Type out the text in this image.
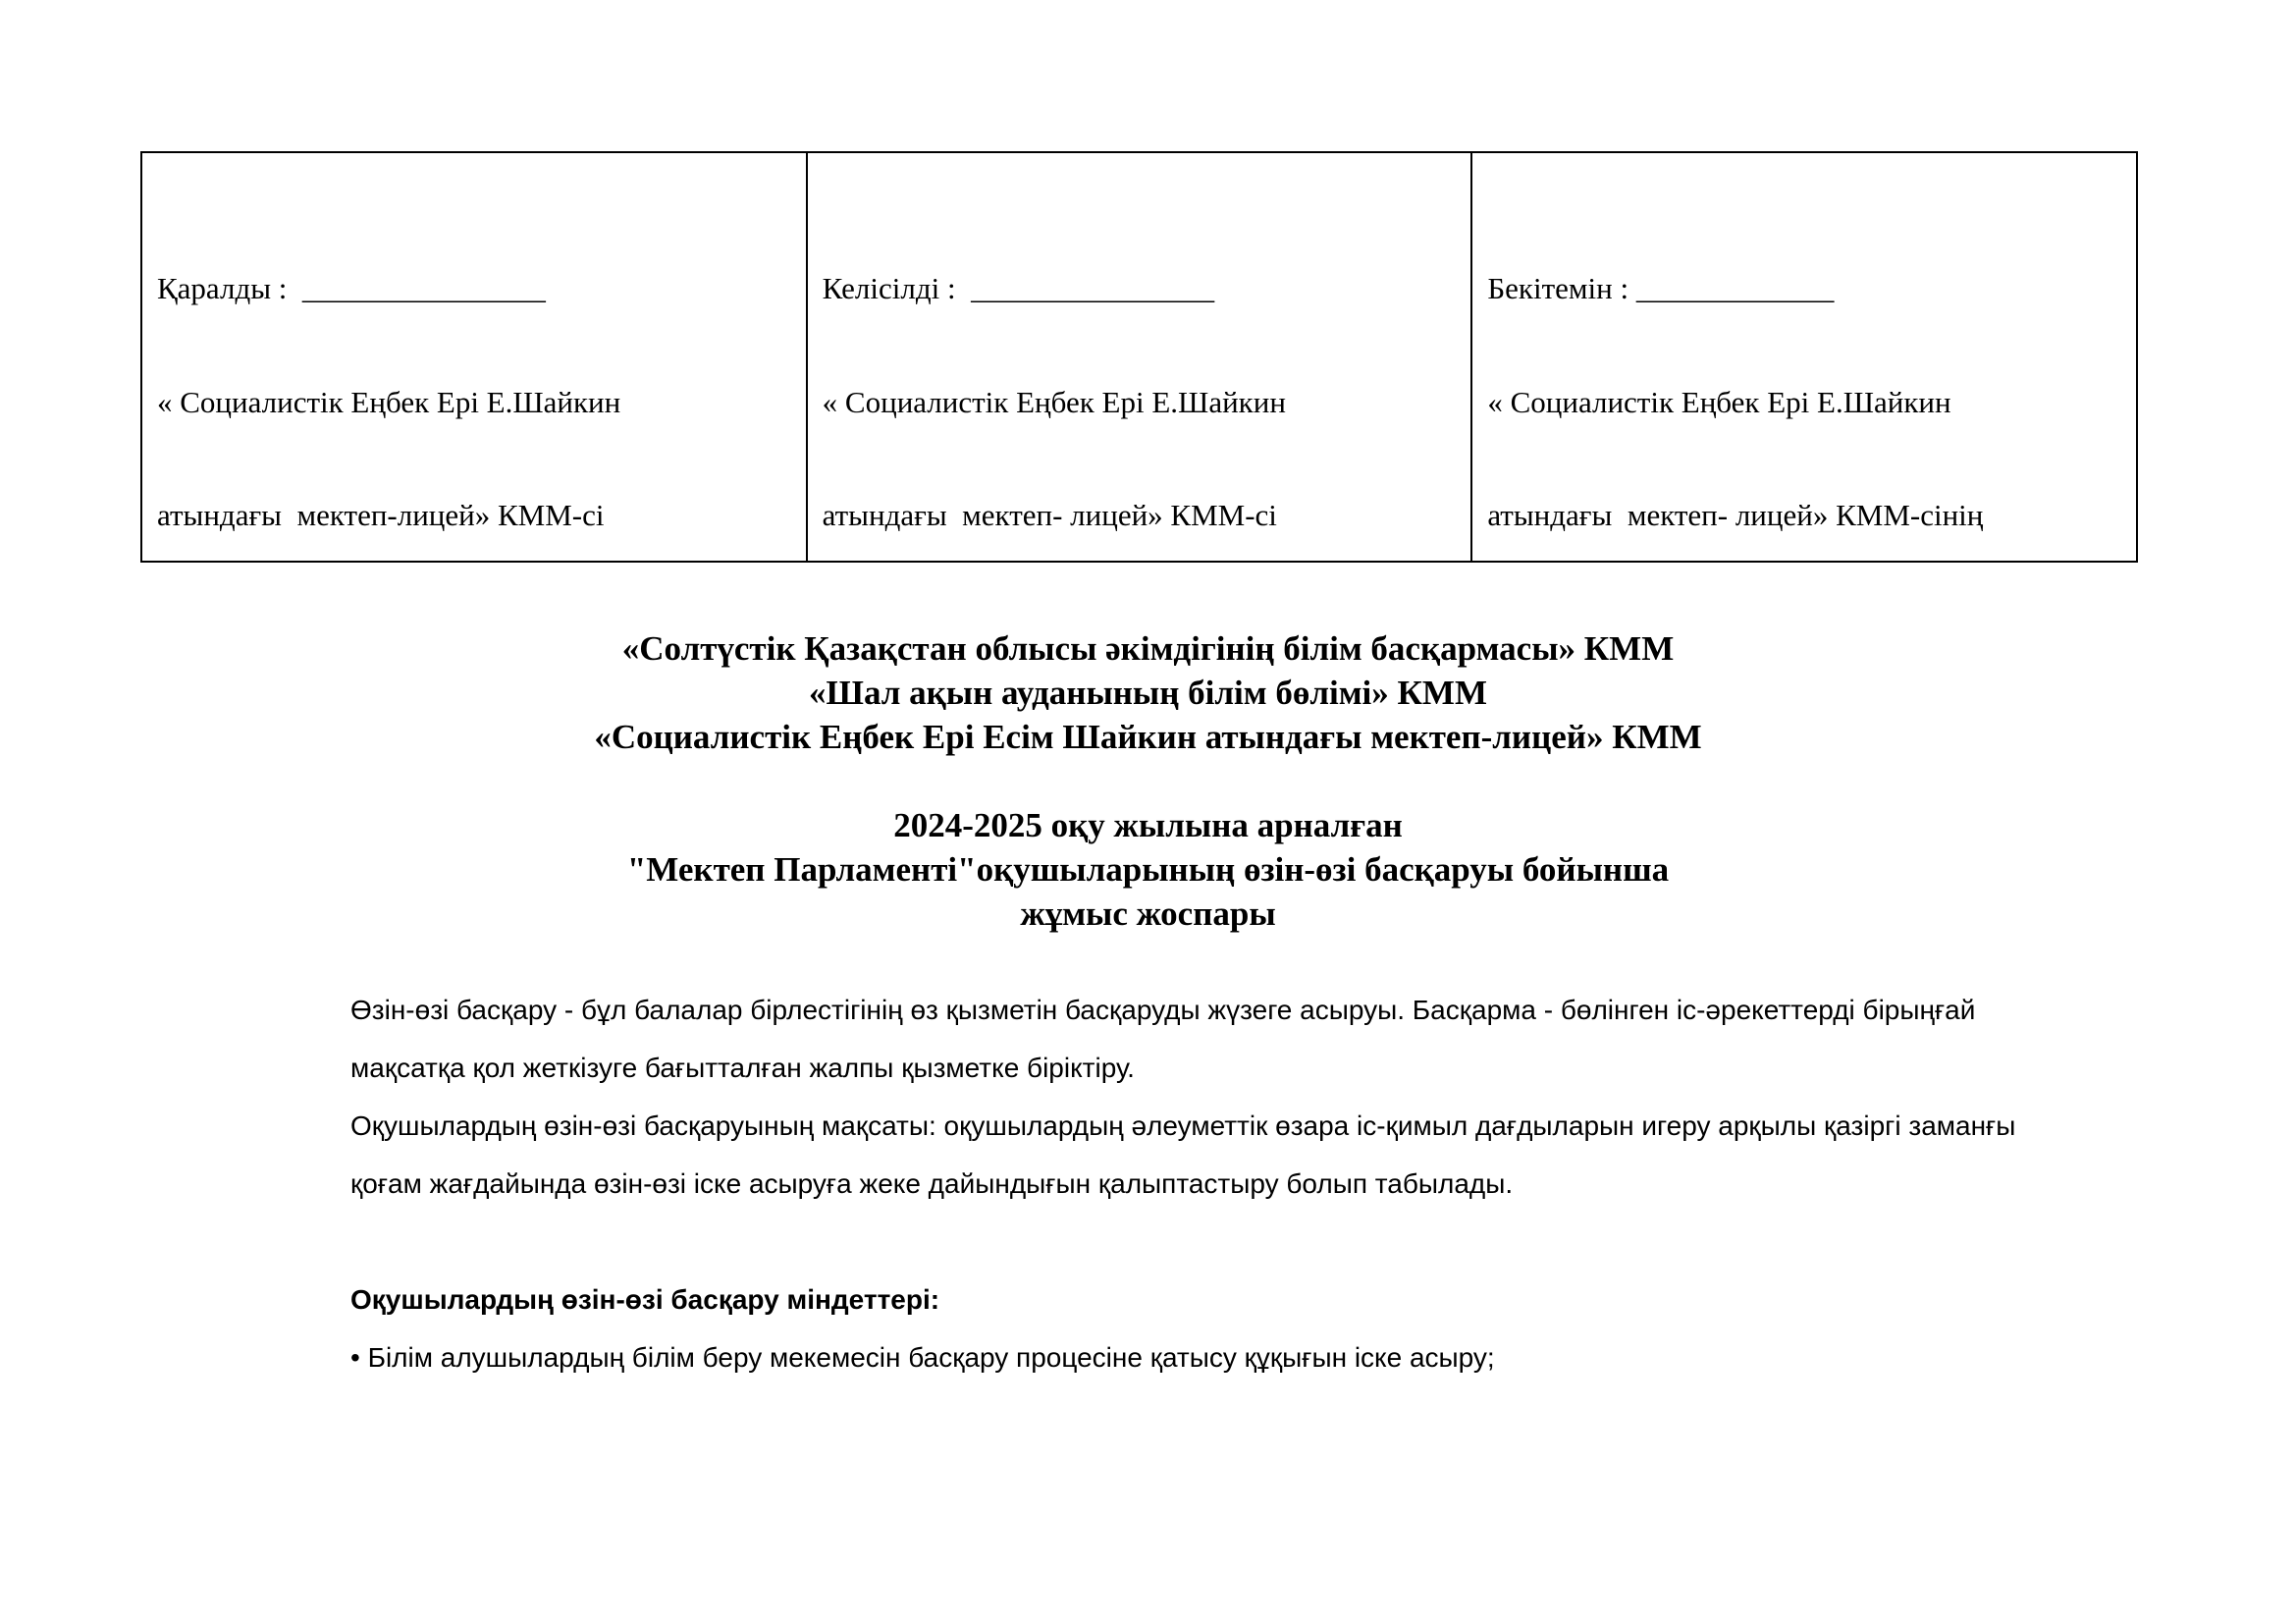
Қаралды :  ________________

« Социалистік Еңбек Ері Е.Шайкин

атындағы  мектеп-лицей» КММ-сі

Келісілді :  ________________

« Социалистік Еңбек Ері Е.Шайкин

атындағы  мектеп- лицей» КММ-сі

Бекітемін : _____________

« Социалистік Еңбек Ері Е.Шайкин

атындағы  мектеп- лицей» КММ-сінің

«Солтүстік Қазақстан облысы әкімдігінің білім басқармасы» КММ
«Шал ақын ауданының білім бөлімі» КММ
«Социалистік Еңбек Ері Есім Шайкин атындағы мектеп-лицей» КММ
2024-2025 оқу жылына арналған
"Мектеп Парламенті"оқушыларының өзін-өзі басқаруы бойынша
жұмыс жоспары
Өзін-өзі басқару - бұл балалар бірлестігінің өз қызметін басқаруды жүзеге асыруы. Басқарма - бөлінген іс-әрекеттерді бірыңғай
мақсатқа қол жеткізуге бағытталған жалпы қызметке біріктіру.
Оқушылардың өзін-өзі басқаруының мақсаты: оқушылардың әлеуметтік өзара іс-қимыл дағдыларын игеру арқылы қазіргі заманғы
қоғам жағдайында өзін-өзі іске асыруға жеке дайындығын қалыптастыру болып табылады.
Оқушылардың өзін-өзі басқару міндеттері:
• Білім алушылардың білім беру мекемесін басқару процесіне қатысу құқығын іске асыру;
